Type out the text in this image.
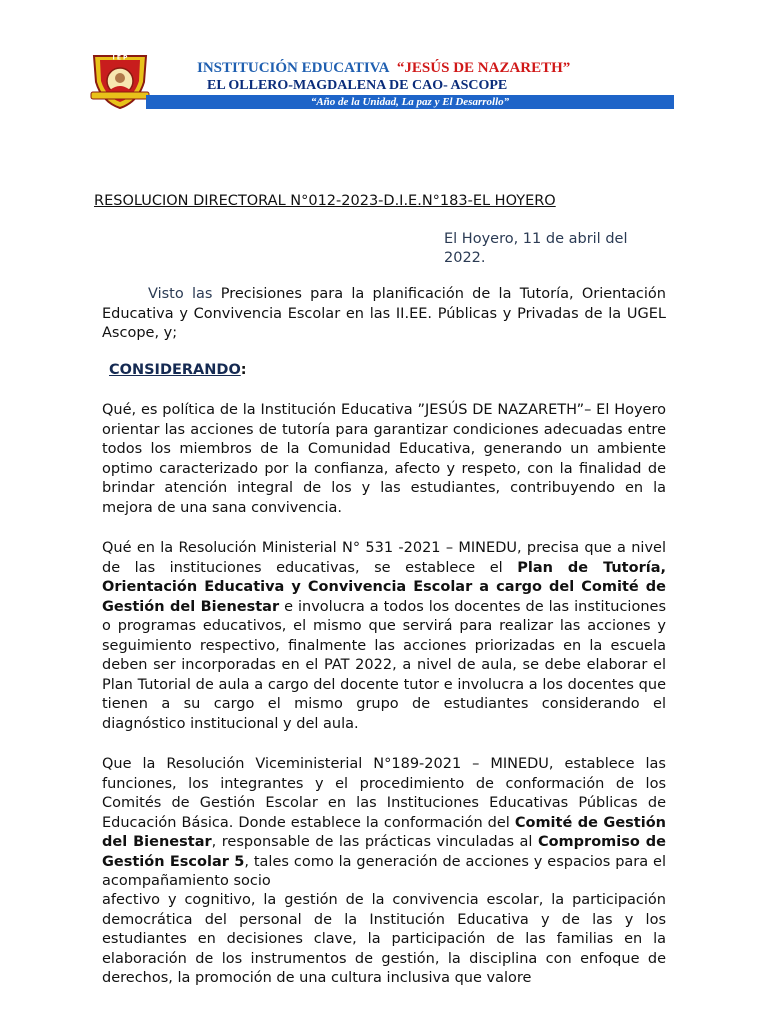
I E P
INSTITUCIÓN EDUCATIVA “JESÚS DE NAZARETH”
EL OLLERO-MAGDALENA DE CAO- ASCOPE
“Año de la Unidad, La paz y El Desarrollo”
RESOLUCION DIRECTORAL N°012-2023-D.I.E.N°183-EL HOYERO
El Hoyero, 11 de abril del 2022.
Visto las Precisiones para la planificación de la Tutoría, Orientación Educativa y Convivencia Escolar en las II.EE. Públicas y Privadas de la UGEL Ascope, y;
CONSIDERANDO:
Qué, es política de la Institución Educativa ”JESÚS DE NAZARETH”– El Hoyero orientar las acciones de tutoría para garantizar condiciones adecuadas entre todos los miembros de la Comunidad Educativa, generando un ambiente optimo caracterizado por la confianza, afecto y respeto, con la finalidad de brindar atención integral de los y las estudiantes, contribuyendo en la mejora de una sana convivencia.
Qué en la Resolución Ministerial N° 531 -2021 – MINEDU, precisa que a nivel de las instituciones educativas, se establece el Plan de Tutoría, Orientación Educativa y Convivencia Escolar a cargo del Comité de Gestión del Bienestar e involucra a todos los docentes de las instituciones o programas educativos, el mismo que servirá para realizar las acciones y seguimiento respectivo, finalmente las acciones priorizadas en la escuela deben ser incorporadas en el PAT 2022, a nivel de aula, se debe elaborar el Plan Tutorial de aula a cargo del docente tutor e involucra a los docentes que tienen a su cargo el mismo grupo de estudiantes considerando el diagnóstico institucional y del aula.
Que la Resolución Viceministerial N°189-2021 – MINEDU, establece las funciones, los integrantes y el procedimiento de conformación de los Comités de Gestión Escolar en las Instituciones Educativas Públicas de Educación Básica. Donde establece la conformación del Comité de Gestión del Bienestar, responsable de las prácticas vinculadas al Compromiso de Gestión Escolar 5, tales como la generación de acciones y espacios para el acompañamiento socio
afectivo y cognitivo, la gestión de la convivencia escolar, la participación democrática del personal de la Institución Educativa y de las y los estudiantes en decisiones clave, la participación de las familias en la elaboración de los instrumentos de gestión, la disciplina con enfoque de derechos, la promoción de una cultura inclusiva que valore
